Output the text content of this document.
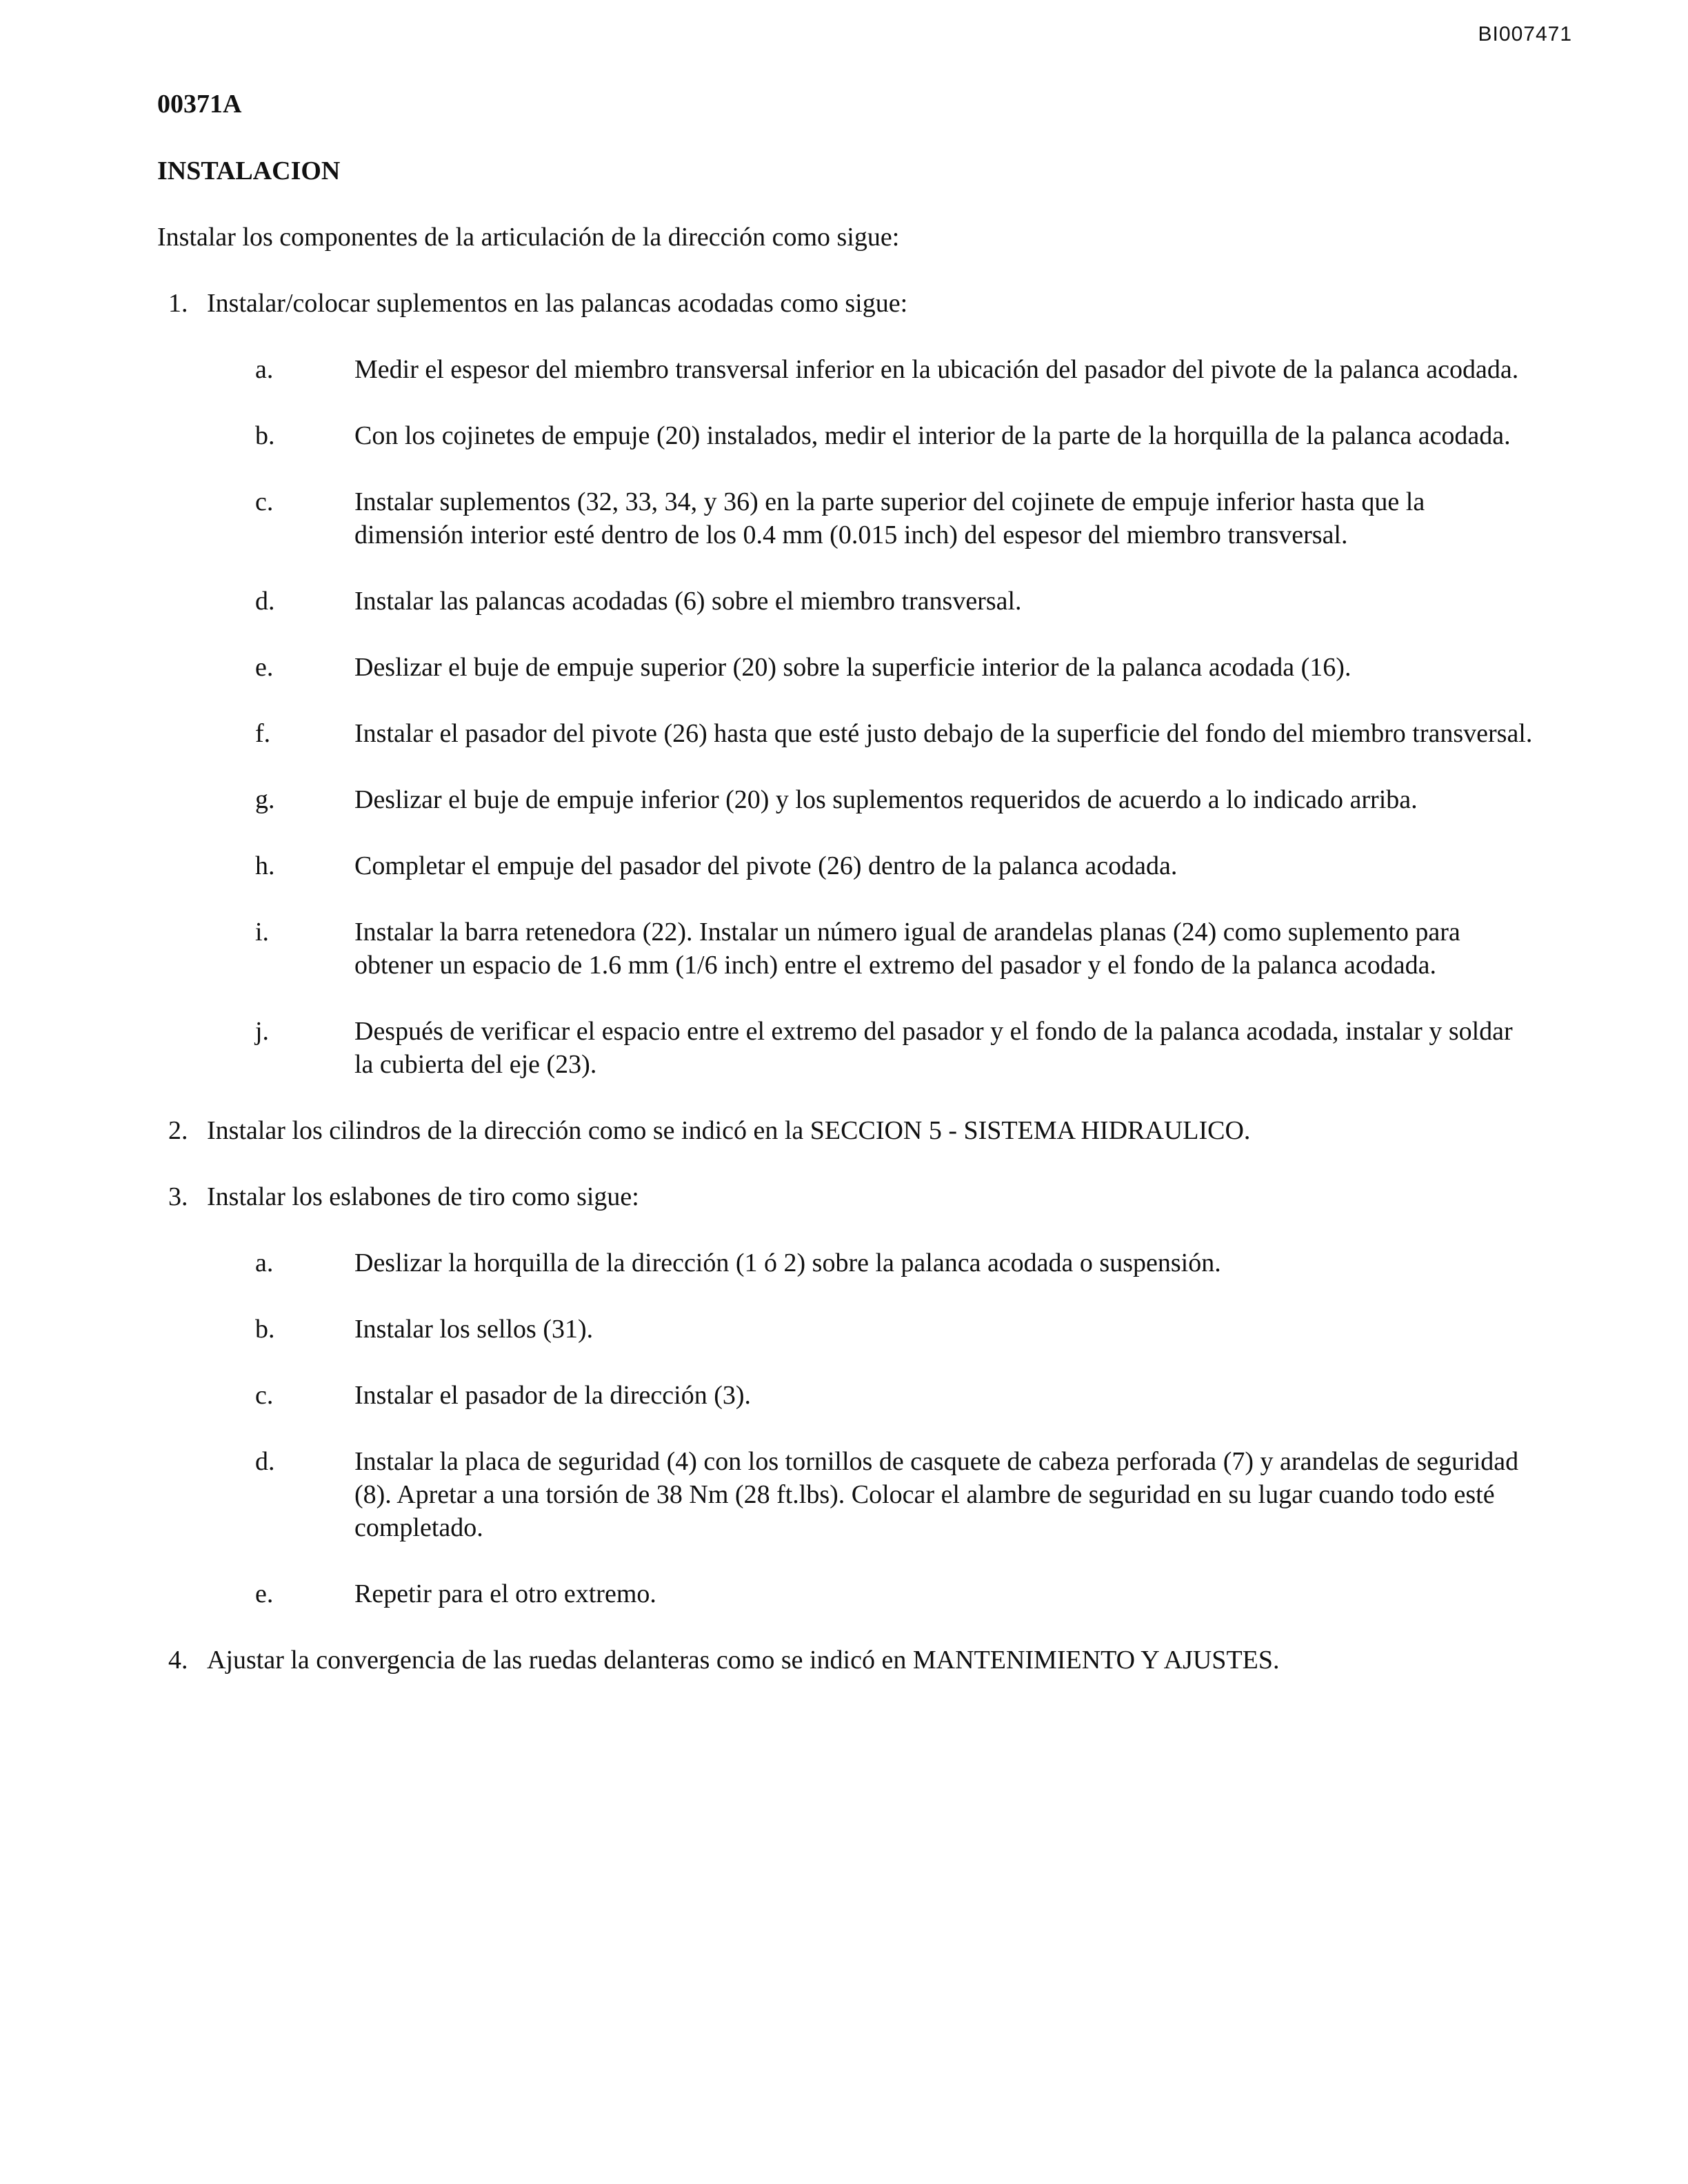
BI007471
00371A
INSTALACION
Instalar los componentes de la articulación de la dirección como sigue:
1. Instalar/colocar suplementos en las palancas acodadas como sigue:
a.	Medir el espesor del miembro transversal inferior en la ubicación del pasador del pivote de la palanca acodada.
b.	Con los cojinetes de empuje (20) instalados, medir el interior de la parte de la horquilla de la palanca acodada.
c.	Instalar suplementos (32, 33, 34, y 36) en la parte superior del cojinete de empuje inferior hasta que la dimensión interior esté dentro de los 0.4 mm (0.015 inch) del espesor del miembro transversal.
d.	Instalar las palancas acodadas (6) sobre el miembro transversal.
e.	Deslizar el buje de empuje superior (20) sobre la superficie interior de la palanca acodada (16).
f.	Instalar el pasador del pivote (26) hasta que esté justo debajo de la superficie del fondo del miembro transversal.
g.	Deslizar el buje de empuje inferior (20) y los suplementos requeridos de acuerdo a lo indicado arriba.
h.	Completar el empuje del pasador del pivote (26) dentro de la palanca acodada.
i.	Instalar la barra retenedora (22). Instalar un número igual de arandelas planas (24) como suplemento para obtener un espacio de 1.6 mm (1/6 inch) entre el extremo del pasador y el fondo de la palanca acodada.
j.	Después de verificar el espacio entre el extremo del pasador y el fondo de la palanca acodada, instalar y soldar la cubierta del eje (23).
2. Instalar los cilindros de la dirección como se indicó en la SECCION 5 - SISTEMA HIDRAULICO.
3. Instalar los eslabones de tiro como sigue:
a.	Deslizar la horquilla de la dirección (1 ó 2) sobre la palanca acodada o suspensión.
b.	Instalar los sellos (31).
c.	Instalar el pasador de la dirección (3).
d.	Instalar la placa de seguridad (4) con los tornillos de casquete de cabeza perforada (7) y arandelas de seguridad (8). Apretar a una torsión de 38 Nm (28 ft.lbs). Colocar el alambre de seguridad en su lugar cuando todo esté completado.
e.	Repetir para el otro extremo.
4. Ajustar la convergencia de las ruedas delanteras como se indicó en MANTENIMIENTO Y AJUSTES.
